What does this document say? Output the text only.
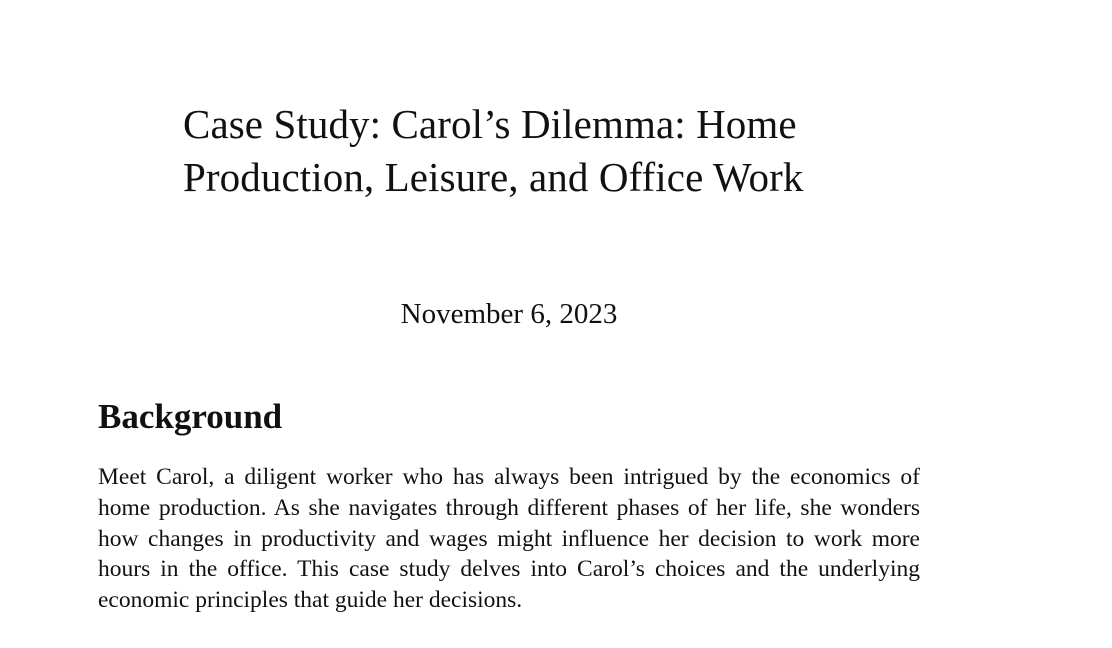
Case Study: Carol’s Dilemma: Home Production, Leisure, and Office Work

November 6, 2023

Background

Meet Carol, a diligent worker who has always been intrigued by the economics of home production. As she navigates through different phases of her life, she wonders how changes in productivity and wages might influence her decision to work more hours in the office. This case study delves into Carol’s choices and the underlying economic principles that guide her decisions.
